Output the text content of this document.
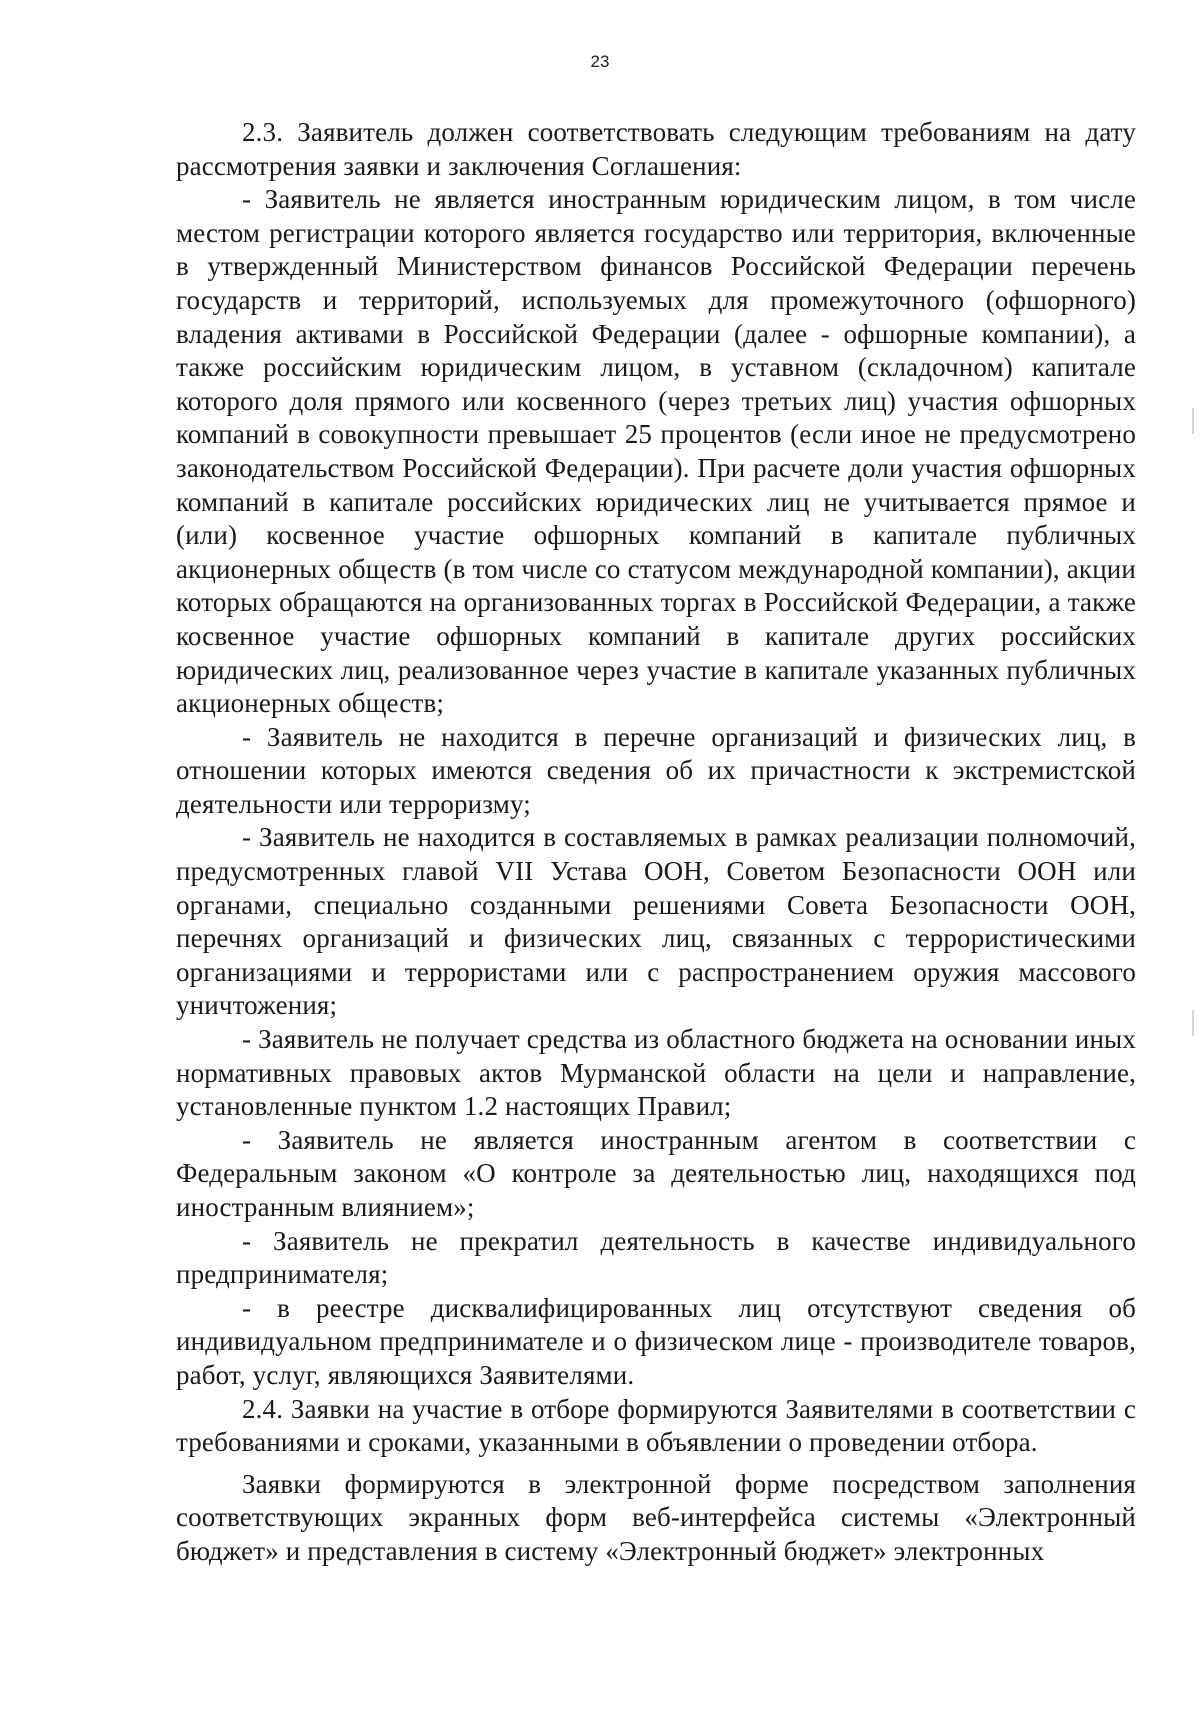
23

2.3. Заявитель должен соответствовать следующим требованиям на дату рассмотрения заявки и заключения Соглашения:

- Заявитель не является иностранным юридическим лицом, в том числе местом регистрации которого является государство или территория, включенные в утвержденный Министерством финансов Российской Федерации перечень государств и территорий, используемых для промежуточного (офшорного) владения активами в Российской Федерации (далее - офшорные компании), а также российским юридическим лицом, в уставном (складочном) капитале которого доля прямого или косвенного (через третьих лиц) участия офшорных компаний в совокупности превышает 25 процентов (если иное не предусмотрено законодательством Российской Федерации). При расчете доли участия офшорных компаний в капитале российских юридических лиц не учитывается прямое и (или) косвенное участие офшорных компаний в капитале публичных акционерных обществ (в том числе со статусом международной компании), акции которых обращаются на организованных торгах в Российской Федерации, а также косвенное участие офшорных компаний в капитале других российских юридических лиц, реализованное через участие в капитале указанных публичных акционерных обществ;

- Заявитель не находится в перечне организаций и физических лиц, в отношении которых имеются сведения об их причастности к экстремистской деятельности или терроризму;

- Заявитель не находится в составляемых в рамках реализации полномочий, предусмотренных главой VII Устава ООН, Советом Безопасности ООН или органами, специально созданными решениями Совета Безопасности ООН, перечнях организаций и физических лиц, связанных с террористическими организациями и террористами или с распространением оружия массового уничтожения;

- Заявитель не получает средства из областного бюджета на основании иных нормативных правовых актов Мурманской области на цели и направление, установленные пунктом 1.2 настоящих Правил;

- Заявитель не является иностранным агентом в соответствии с Федеральным законом «О контроле за деятельностью лиц, находящихся под иностранным влиянием»;

- Заявитель не прекратил деятельность в качестве индивидуального предпринимателя;

- в реестре дисквалифицированных лиц отсутствуют сведения об индивидуальном предпринимателе и о физическом лице - производителе товаров, работ, услуг, являющихся Заявителями.

2.4. Заявки на участие в отборе формируются Заявителями в соответствии с требованиями и сроками, указанными в объявлении о проведении отбора.

Заявки формируются в электронной форме посредством заполнения соответствующих экранных форм веб-интерфейса системы «Электронный бюджет» и представления в систему «Электронный бюджет» электронных
